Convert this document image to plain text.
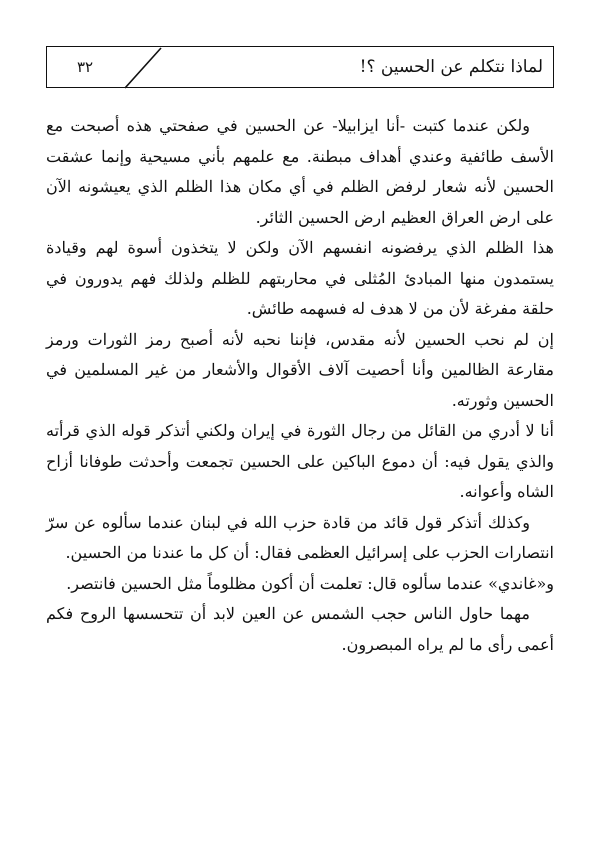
٣٢	لماذا نتكلم عن الحسين ؟!

ولكن عندما كتبت -أنا ايزابيلا- عن الحسين في صفحتي هذه أصبحت مع الأسف طائفية وعندي أهداف مبطنة. مع علمهم بأني مسيحية وإنما عشقت الحسين لأنه شعار لرفض الظلم في أي مكان هذا الظلم الذي يعيشونه الآن على ارض العراق العظيم ارض الحسين الثائر.

هذا الظلم الذي يرفضونه انفسهم الآن ولكن لا يتخذون أسوة لهم وقيادة يستمدون منها المبادئ المُثلى في محاربتهم للظلم ولذلك فهم يدورون في حلقة مفرغة لأن من لا هدف له فسهمه طائش.

إن لم نحب الحسين لأنه مقدس، فإننا نحبه لأنه أصبح رمز الثورات ورمز مقارعة الظالمين وأنا أحصيت آلاف الأقوال والأشعار من غير المسلمين في الحسين وثورته.

أنا لا أدري من القائل من رجال الثورة في إيران ولكني أتذكر قوله الذي قرأته والذي يقول فيه: أن دموع الباكين على الحسين تجمعت وأحدثت طوفانا أزاح الشاه وأعوانه.

وكذلك أتذكر قول قائد من قادة حزب الله في لبنان عندما سألوه عن سرّ انتصارات الحزب على إسرائيل العظمى فقال: أن كل ما عندنا من الحسين.

و«غاندي» عندما سألوه قال: تعلمت أن أكون مظلوماً مثل الحسين فانتصر.

مهما حاول الناس حجب الشمس عن العين لابد أن تتحسسها الروح فكم أعمى رأى ما لم يراه المبصرون.
